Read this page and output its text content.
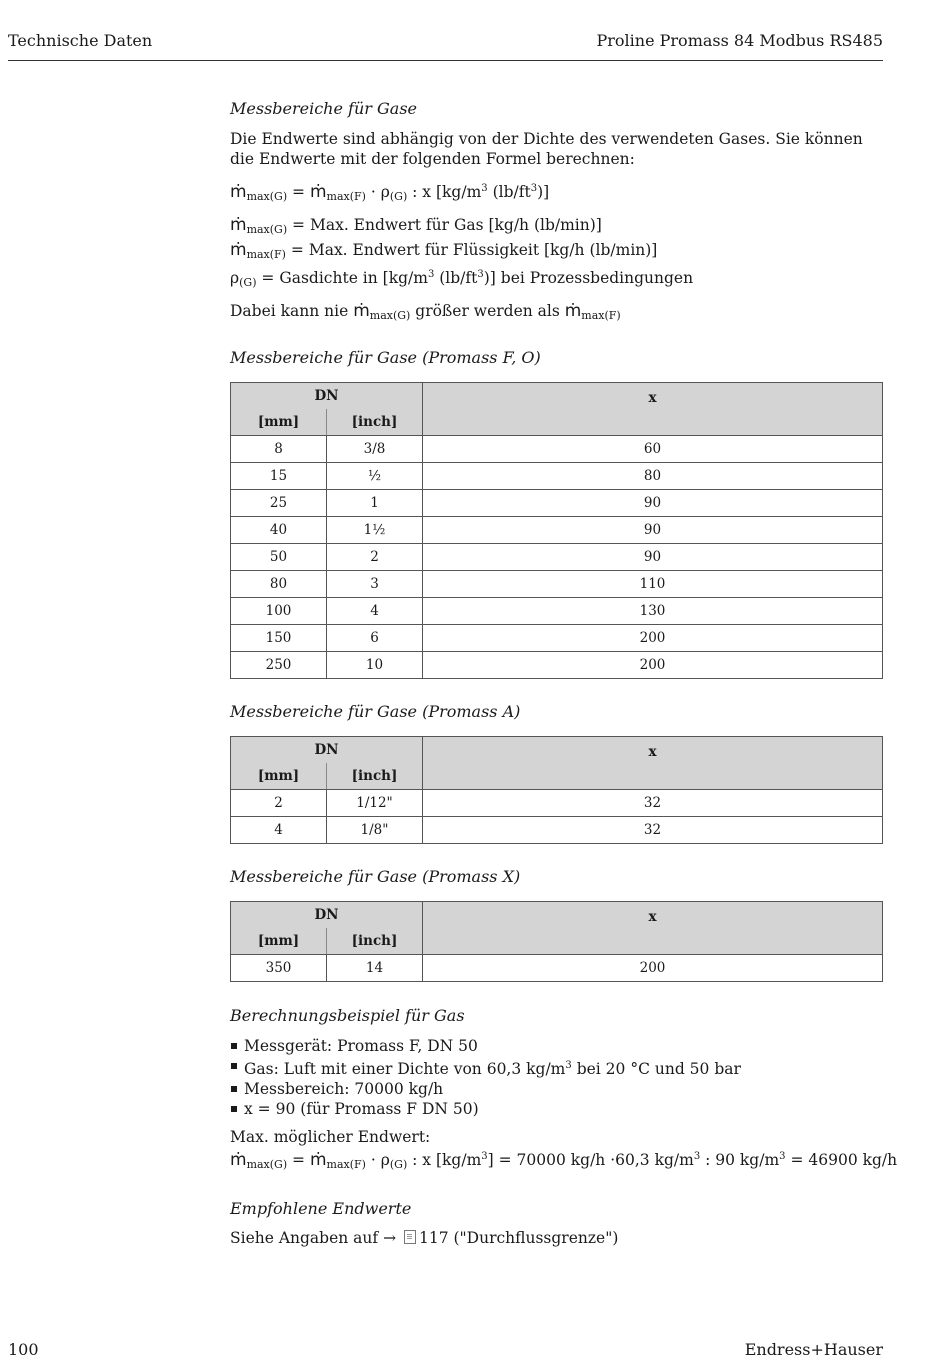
Technische Daten	Proline Promass 84 Modbus RS485

Messbereiche für Gase

Die Endwerte sind abhängig von der Dichte des verwendeten Gases. Sie können die Endwerte mit der folgenden Formel berechnen:

ṁ$_{max(G)}$ = ṁ$_{max(F)}$ · $\rho_{(G)}$ : x [$kg/m^3$ $(lb/ft^3)$]

ṁ$_{max(G)}$ = Max. Endwert für Gas [kg/h (lb/min)]

ṁ$_{max(F)}$ = Max. Endwert für Flüssigkeit [kg/h (lb/min)]

$\rho_{(G)}$ = Gasdichte in [$kg/m^3$ $(lb/ft^3)$] bei Prozessbedingungen

Dabei kann nie ṁ$_{max(G)}$ größer werden als ṁ$_{max(F)}$

Messbereiche für Gase (Promass F, O)

DN		x
[mm]	[inch]	
8	3/8	60
15	½	80
25	1	90
40	1½	90
50	2	90
80	3	110
100	4	130
150	6	200
250	10	200

Messbereiche für Gase (Promass A)

DN		x
[mm]	[inch]	
2	1/12"	32
4	1/8"	32

Messbereiche für Gase (Promass X)

DN		x
[mm]	[inch]	
350	14	200

Berechnungsbeispiel für Gas

Messgerät: Promass F, DN 50
Gas: Luft mit einer Dichte von 60,3 $kg/m^3$ bei 20 °C und 50 bar
Messbereich: 70000 kg/h
x = 90 (für Promass F DN 50)

Max. möglicher Endwert:

ṁ$_{max(G)}$ = ṁ$_{max(F)}$ · $\rho_{(G)}$ : x $[kg/m^3] = 70000$ kg/h ·60,3 $kg/m^3$ : 90 $kg/m^3 = 46900$ kg/h

Empfohlene Endwerte

Siehe Angaben auf → 117 ("Durchflussgrenze")

100	Endress+Hauser
